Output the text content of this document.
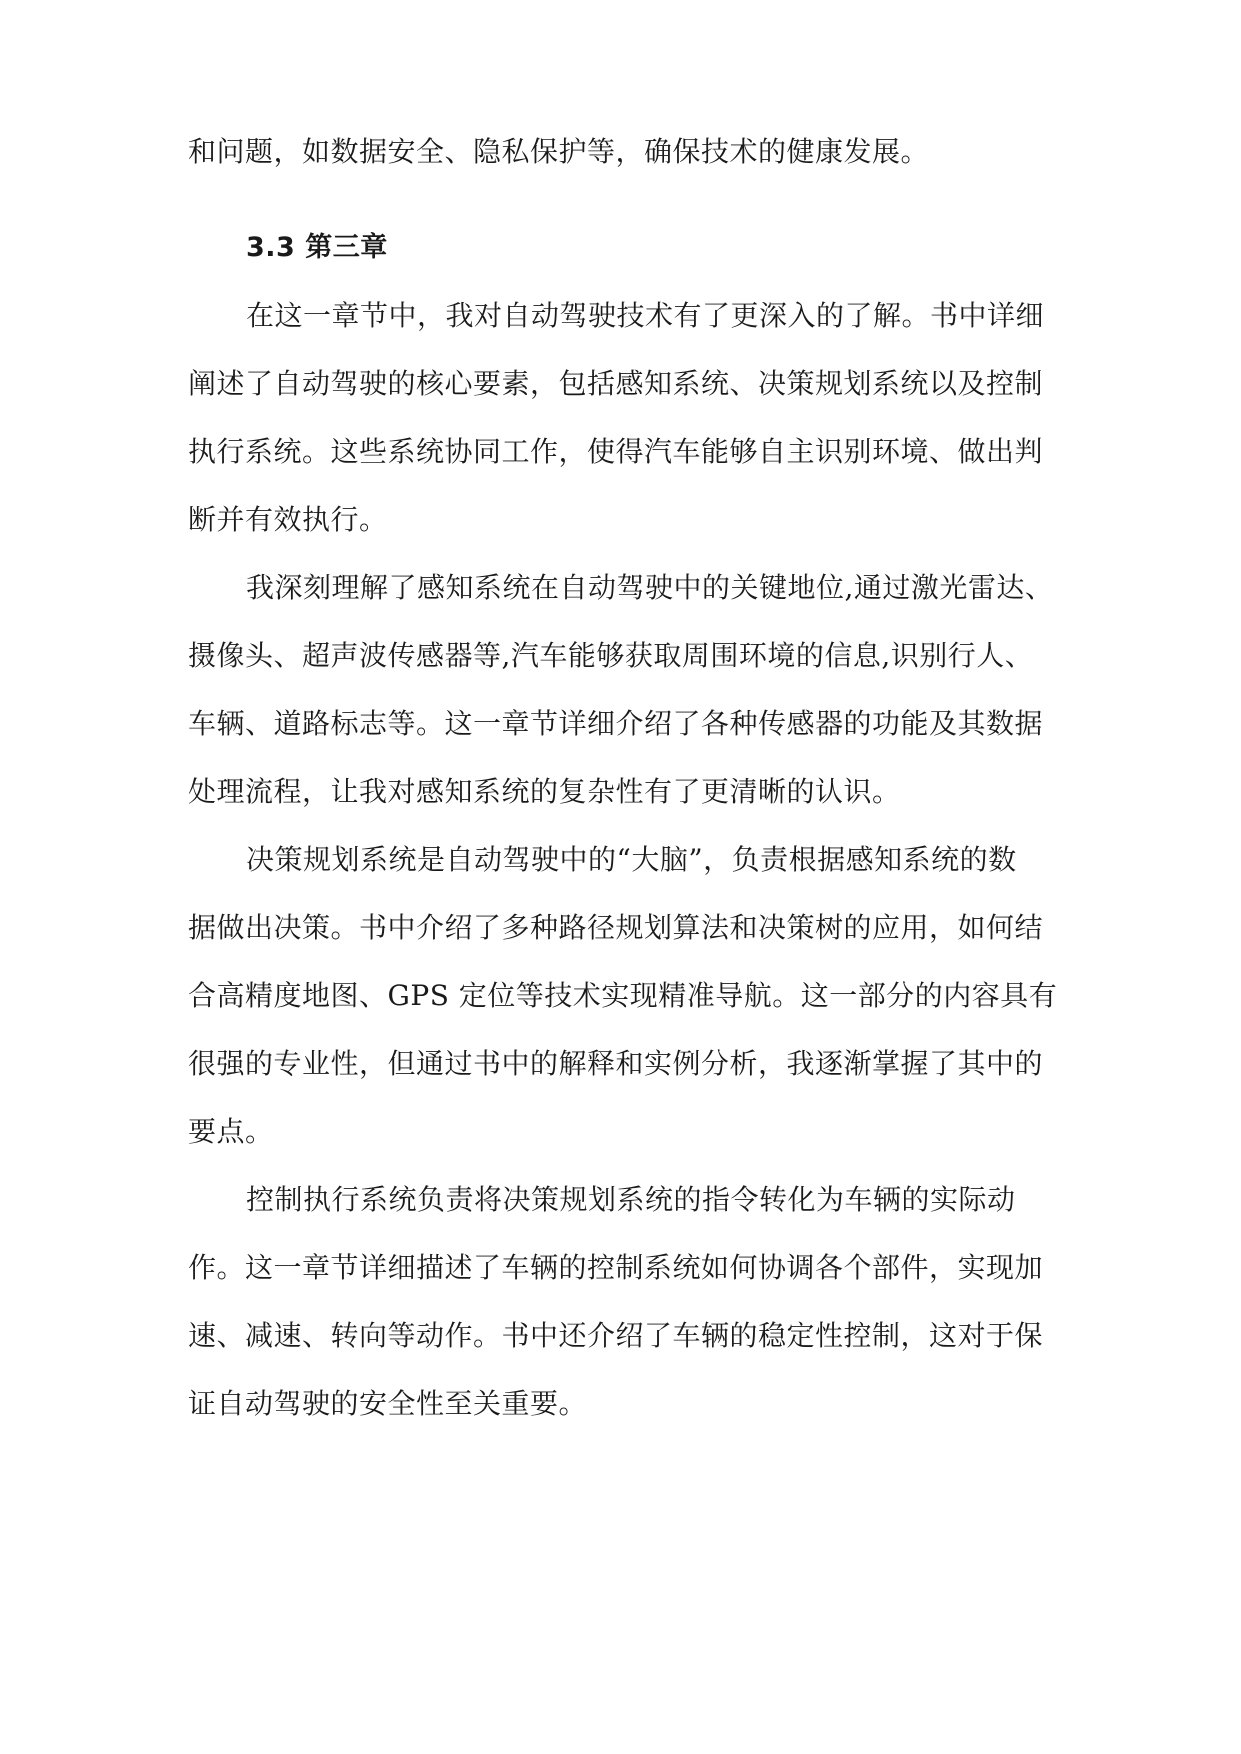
和问题，如数据安全、隐私保护等，确保技术的健康发展。

3.3 第三章

在这一章节中，我对自动驾驶技术有了更深入的了解。书中详细

阐述了自动驾驶的核心要素，包括感知系统、决策规划系统以及控制

执行系统。这些系统协同工作，使得汽车能够自主识别环境、做出判

断并有效执行。

我深刻理解了感知系统在自动驾驶中的关键地位,通过激光雷达、

摄像头、超声波传感器等,汽车能够获取周围环境的信息,识别行人、

车辆、道路标志等。这一章节详细介绍了各种传感器的功能及其数据

处理流程，让我对感知系统的复杂性有了更清晰的认识。

决策规划系统是自动驾驶中的“大脑”，负责根据感知系统的数

据做出决策。书中介绍了多种路径规划算法和决策树的应用，如何结

合高精度地图、GPS 定位等技术实现精准导航。这一部分的内容具有

很强的专业性，但通过书中的解释和实例分析，我逐渐掌握了其中的

要点。

控制执行系统负责将决策规划系统的指令转化为车辆的实际动

作。这一章节详细描述了车辆的控制系统如何协调各个部件，实现加

速、减速、转向等动作。书中还介绍了车辆的稳定性控制，这对于保

证自动驾驶的安全性至关重要。
